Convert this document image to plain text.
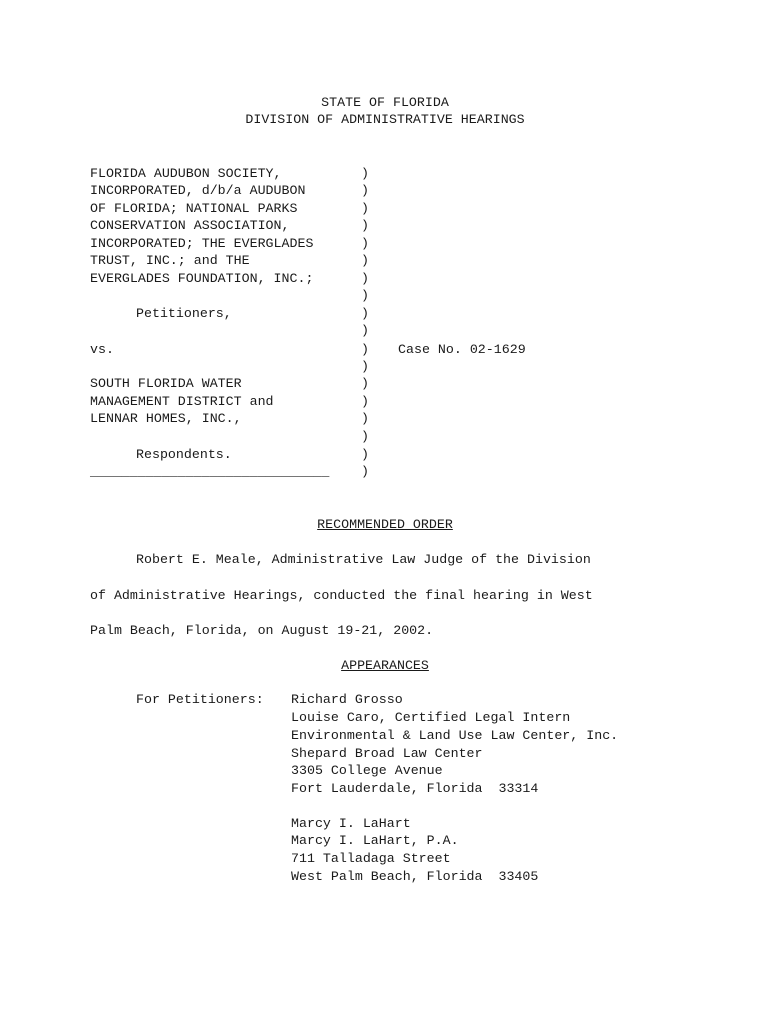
STATE OF FLORIDA
DIVISION OF ADMINISTRATIVE HEARINGS
FLORIDA AUDUBON SOCIETY,
INCORPORATED, d/b/a AUDUBON
OF FLORIDA; NATIONAL PARKS
CONSERVATION ASSOCIATION,
INCORPORATED; THE EVERGLADES
TRUST, INC.; and THE
EVERGLADES FOUNDATION, INC.;
Petitioners,
vs.	Case No. 02-1629
SOUTH FLORIDA WATER
MANAGEMENT DISTRICT and
LENNAR HOMES, INC.,
Respondents.
______________________________
)
)
)
)
)
)
)
)
)
)
)
)
)
)
)
)
)
)
RECOMMENDED ORDER
Robert E. Meale, Administrative Law Judge of the Division
of Administrative Hearings, conducted the final hearing in West
Palm Beach, Florida, on August 19-21, 2002.
APPEARANCES
For Petitioners: Richard Grosso
Louise Caro, Certified Legal Intern
Environmental & Land Use Law Center, Inc.
Shepard Broad Law Center
3305 College Avenue
Fort Lauderdale, Florida  33314
Marcy I. LaHart
Marcy I. LaHart, P.A.
711 Talladaga Street
West Palm Beach, Florida  33405
